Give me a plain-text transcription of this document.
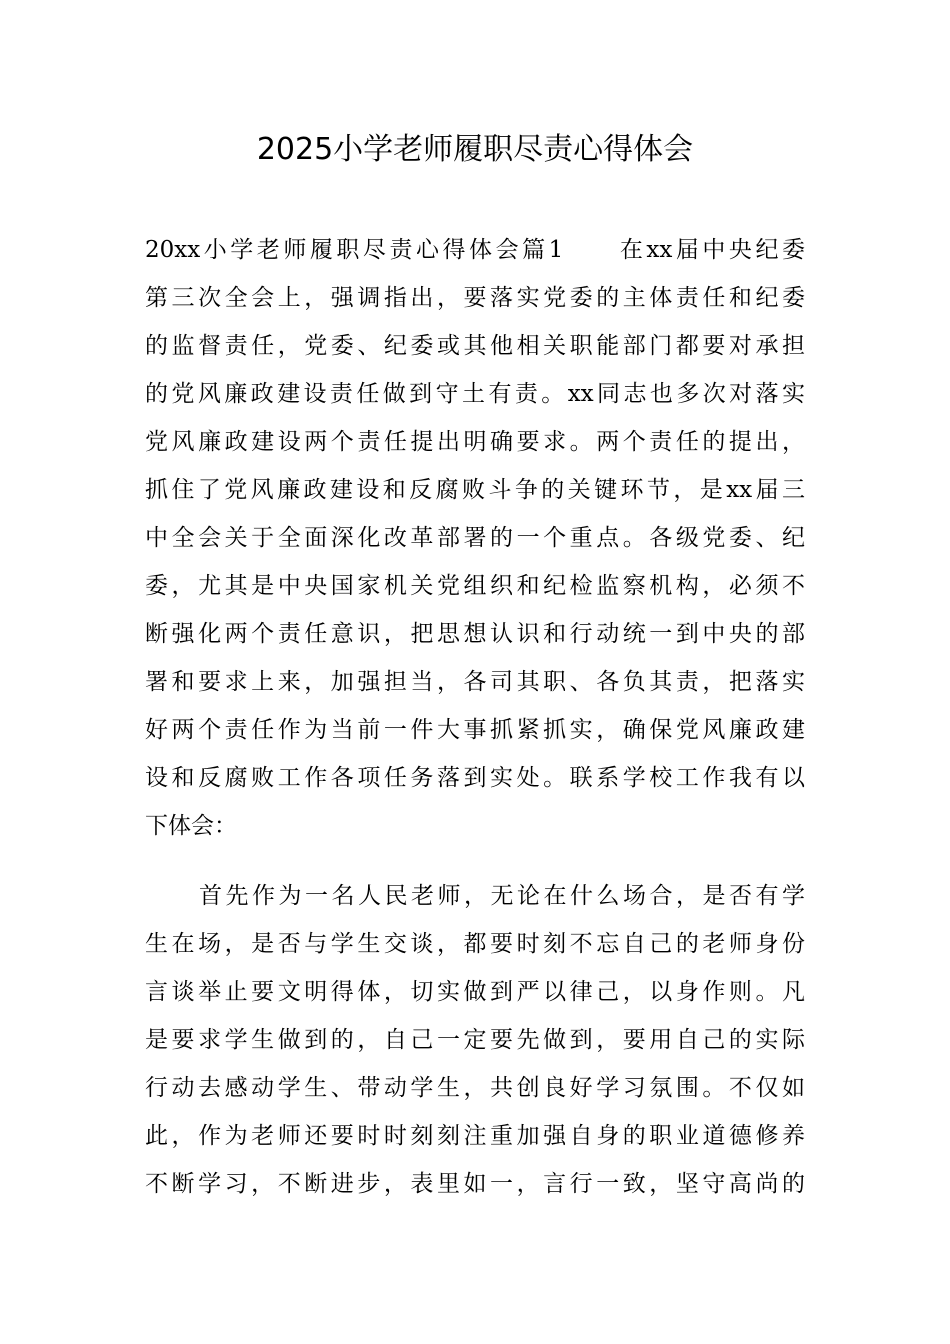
2025小学老师履职尽责心得体会
20xx小学老师履职尽责心得体会篇1　　在xx届中央纪委
第三次全会上，强调指出，要落实党委的主体责任和纪委
的监督责任，党委、纪委或其他相关职能部门都要对承担
的党风廉政建设责任做到守土有责。xx同志也多次对落实
党风廉政建设两个责任提出明确要求。两个责任的提出，
抓住了党风廉政建设和反腐败斗争的关键环节，是xx届三
中全会关于全面深化改革部署的一个重点。各级党委、纪
委，尤其是中央国家机关党组织和纪检监察机构，必须不
断强化两个责任意识，把思想认识和行动统一到中央的部
署和要求上来，加强担当，各司其职、各负其责，把落实
好两个责任作为当前一件大事抓紧抓实，确保党风廉政建
设和反腐败工作各项任务落到实处。联系学校工作我有以
下体会：
首先作为一名人民老师，无论在什么场合，是否有学
生在场，是否与学生交谈，都要时刻不忘自己的老师身份
言谈举止要文明得体，切实做到严以律己，以身作则。凡
是要求学生做到的，自己一定要先做到，要用自己的实际
行动去感动学生、带动学生，共创良好学习氛围。不仅如
此，作为老师还要时时刻刻注重加强自身的职业道德修养
不断学习，不断进步，表里如一，言行一致，坚守高尚的
